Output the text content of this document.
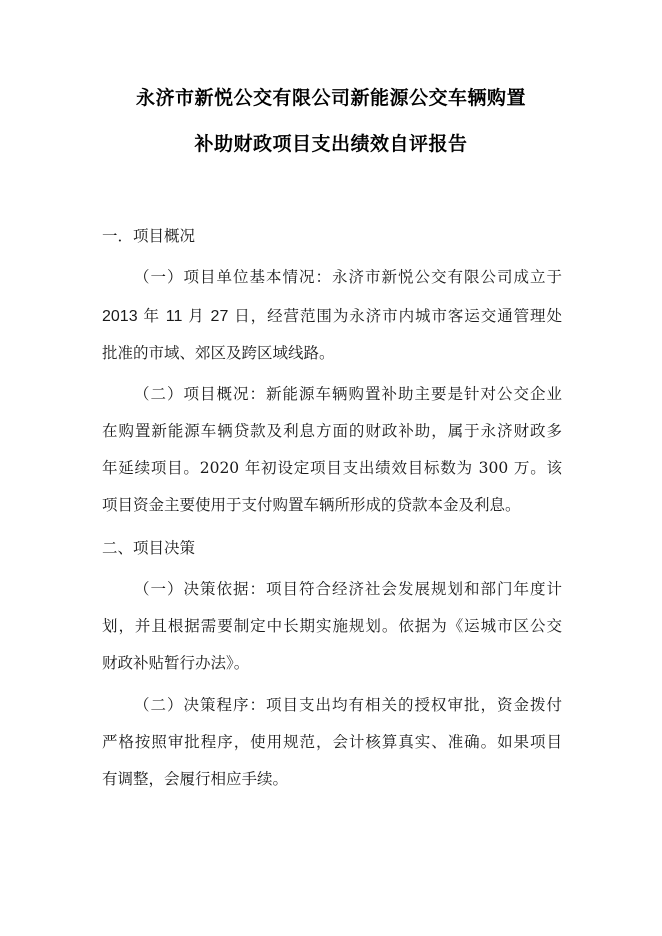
永济市新悦公交有限公司新能源公交车辆购置
补助财政项目支出绩效自评报告
一．项目概况
（一）项目单位基本情况：永济市新悦公交有限公司成立于
2013 年 11 月 27 日，经营范围为永济市内城市客运交通管理处
批准的市域、郊区及跨区域线路。
（二）项目概况：新能源车辆购置补助主要是针对公交企业
在购置新能源车辆贷款及利息方面的财政补助，属于永济财政多
年延续项目。2020 年初设定项目支出绩效目标数为 300 万。该
项目资金主要使用于支付购置车辆所形成的贷款本金及利息。
二、项目决策
（一）决策依据：项目符合经济社会发展规划和部门年度计
划，并且根据需要制定中长期实施规划。依据为《运城市区公交
财政补贴暂行办法》。
（二）决策程序：项目支出均有相关的授权审批，资金拨付
严格按照审批程序，使用规范，会计核算真实、准确。如果项目
有调整，会履行相应手续。
